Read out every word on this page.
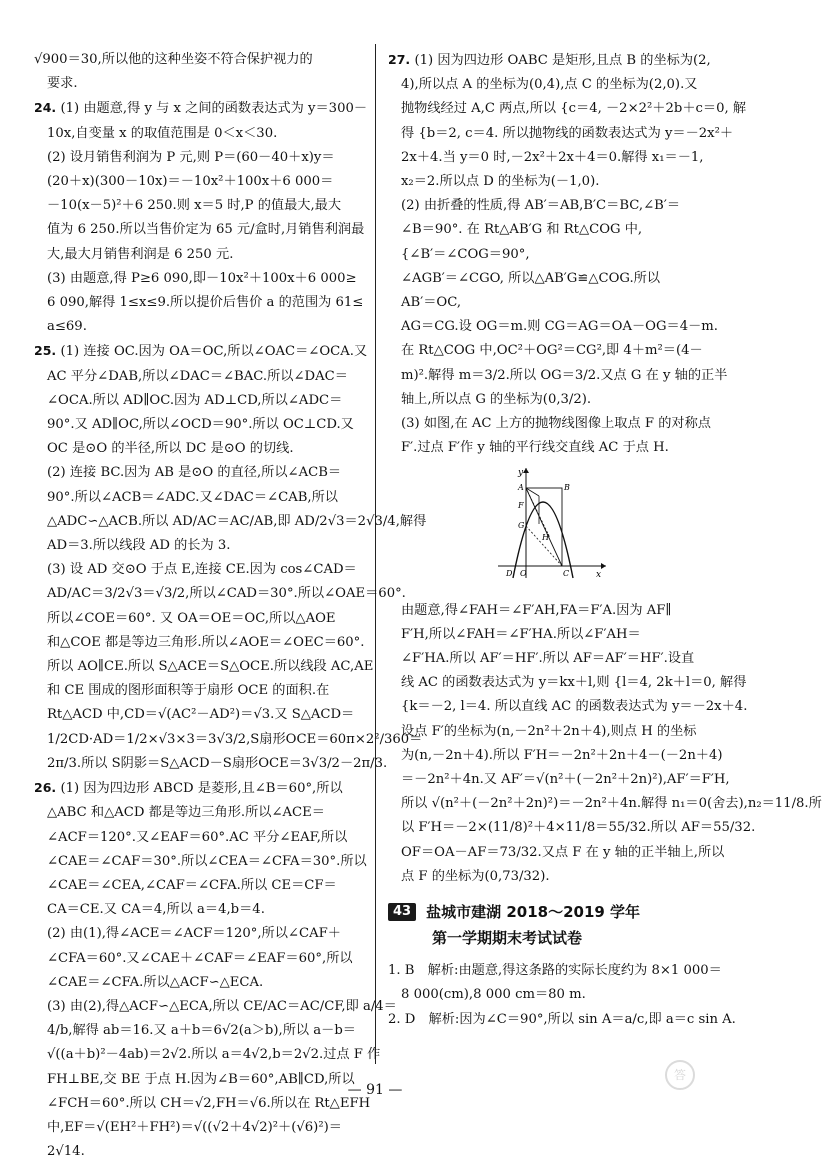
√900＝30,所以他的这种坐姿不符合保护视力的
要求.
24. (1) 由题意,得 y 与 x 之间的函数表达式为 y＝300－
10x,自变量 x 的取值范围是 0＜x＜30.
(2) 设月销售利润为 P 元,则 P＝(60－40＋x)y＝
(20＋x)(300－10x)＝－10x²＋100x＋6 000＝
－10(x－5)²＋6 250.则 x＝5 时,P 的值最大,最大
值为 6 250.所以当售价定为 65 元/盒时,月销售利润最
大,最大月销售利润是 6 250 元.
(3) 由题意,得 P≥6 090,即－10x²＋100x＋6 000≥
6 090,解得 1≤x≤9.所以提价后售价 a 的范围为 61≤
a≤69.
25. (1) 连接 OC.因为 OA＝OC,所以∠OAC＝∠OCA.又
AC 平分∠DAB,所以∠DAC＝∠BAC.所以∠DAC＝
∠OCA.所以 AD∥OC.因为 AD⊥CD,所以∠ADC＝
90°.又 AD∥OC,所以∠OCD＝90°.所以 OC⊥CD.又
OC 是⊙O 的半径,所以 DC 是⊙O 的切线.
(2) 连接 BC.因为 AB 是⊙O 的直径,所以∠ACB＝
90°.所以∠ACB＝∠ADC.又∠DAC＝∠CAB,所以
△ADC∽△ACB.所以 AD/AC＝AC/AB,即 AD/2√3＝2√3/4,解得
AD＝3.所以线段 AD 的长为 3.
(3) 设 AD 交⊙O 于点 E,连接 CE.因为 cos∠CAD＝
AD/AC＝3/2√3＝√3/2,所以∠CAD＝30°.所以∠OAE＝60°.
所以∠COE＝60°. 又 OA＝OE＝OC,所以△AOE
和△COE 都是等边三角形.所以∠AOE＝∠OEC＝60°.
所以 AO∥CE.所以 S△ACE＝S△OCE.所以线段 AC,AE
和 CE 围成的图形面积等于扇形 OCE 的面积.在
Rt△ACD 中,CD＝√(AC²－AD²)＝√3.又 S△ACD＝
1/2CD·AD＝1/2×√3×3＝3√3/2,S扇形OCE＝60π×2²/360＝
2π/3.所以 S阴影＝S△ACD－S扇形OCE＝3√3/2－2π/3.
26. (1) 因为四边形 ABCD 是菱形,且∠B＝60°,所以
△ABC 和△ACD 都是等边三角形.所以∠ACE＝
∠ACF＝120°.又∠EAF＝60°.AC 平分∠EAF,所以
∠CAE＝∠CAF＝30°.所以∠CEA＝∠CFA＝30°.所以
∠CAE＝∠CEA,∠CAF＝∠CFA.所以 CE＝CF＝
CA＝CE.又 CA＝4,所以 a＝4,b＝4.
(2) 由(1),得∠ACE＝∠ACF＝120°,所以∠CAF＋
∠CFA＝60°.又∠CAE＋∠CAF＝∠EAF＝60°,所以
∠CAE＝∠CFA.所以△ACF∽△ECA.
(3) 由(2),得△ACF∽△ECA,所以 CE/AC＝AC/CF,即 a/4＝
4/b,解得 ab＝16.又 a＋b＝6√2(a＞b),所以 a－b＝
√((a＋b)²－4ab)＝2√2.所以 a＝4√2,b＝2√2.过点 F 作
FH⊥BE,交 BE 于点 H.因为∠B＝60°,AB∥CD,所以
∠FCH＝60°.所以 CH＝√2,FH＝√6.所以在 Rt△EFH
中,EF＝√(EH²＋FH²)＝√((√2＋4√2)²＋(√6)²)＝
2√14.
27. (1) 因为四边形 OABC 是矩形,且点 B 的坐标为(2,
4),所以点 A 的坐标为(0,4),点 C 的坐标为(2,0).又
抛物线经过 A,C 两点,所以 {c＝4, －2×2²＋2b＋c＝0, 解
得 {b＝2, c＝4. 所以抛物线的函数表达式为 y＝－2x²＋
2x＋4.当 y＝0 时,－2x²＋2x＋4＝0.解得 x₁＝－1,
x₂＝2.所以点 D 的坐标为(－1,0).
(2) 由折叠的性质,得 AB′＝AB,B′C＝BC,∠B′＝
∠B＝90°. 在 Rt△AB′G 和 Rt△COG 中,
{∠B′＝∠COG＝90°,
∠AGB′＝∠CGO, 所以△AB′G≌△COG.所以
AB′＝OC,
AG＝CG.设 OG＝m.则 CG＝AG＝OA－OG＝4－m.
在 Rt△COG 中,OC²＋OG²＝CG²,即 4＋m²＝(4－
m)².解得 m＝3/2.所以 OG＝3/2.又点 G 在 y 轴的正半
轴上,所以点 G 的坐标为(0,3/2).
(3) 如图,在 AC 上方的抛物线图像上取点 F 的对称点
F′.过点 F′作 y 轴的平行线交直线 AC 于点 H.
y
A	B
F
G
H
D O	C	x
由题意,得∠FAH＝∠F′AH,FA＝F′A.因为 AF∥
F′H,所以∠FAH＝∠F′HA.所以∠F′AH＝
∠F′HA.所以 AF′＝HF′.所以 AF＝AF′＝HF′.设直
线 AC 的函数表达式为 y＝kx＋l,则 {l＝4, 2k＋l＝0, 解得
{k＝－2, l＝4. 所以直线 AC 的函数表达式为 y＝－2x＋4.
设点 F′的坐标为(n,－2n²＋2n＋4),则点 H 的坐标
为(n,－2n＋4).所以 F′H＝－2n²＋2n＋4－(－2n＋4)
＝－2n²＋4n.又 AF′＝√(n²＋(－2n²＋2n)²),AF′＝F′H,
所以 √(n²＋(－2n²＋2n)²)＝－2n²＋4n.解得 n₁＝0(舍去),n₂＝11/8.所
以 F′H＝－2×(11/8)²＋4×11/8＝55/32.所以 AF＝55/32.
OF＝OA－AF＝73/32.又点 F 在 y 轴的正半轴上,所以
点 F 的坐标为(0,73/32).
43	盐城市建湖 2018～2019 学年
第一学期期末考试试卷
1. B　解析:由题意,得这条路的实际长度约为 8×1 000＝
8 000(cm),8 000 cm＝80 m.
2. D　解析:因为∠C＝90°,所以 sin A＝a/c,即 a＝c sin A.
— 91 —
答
